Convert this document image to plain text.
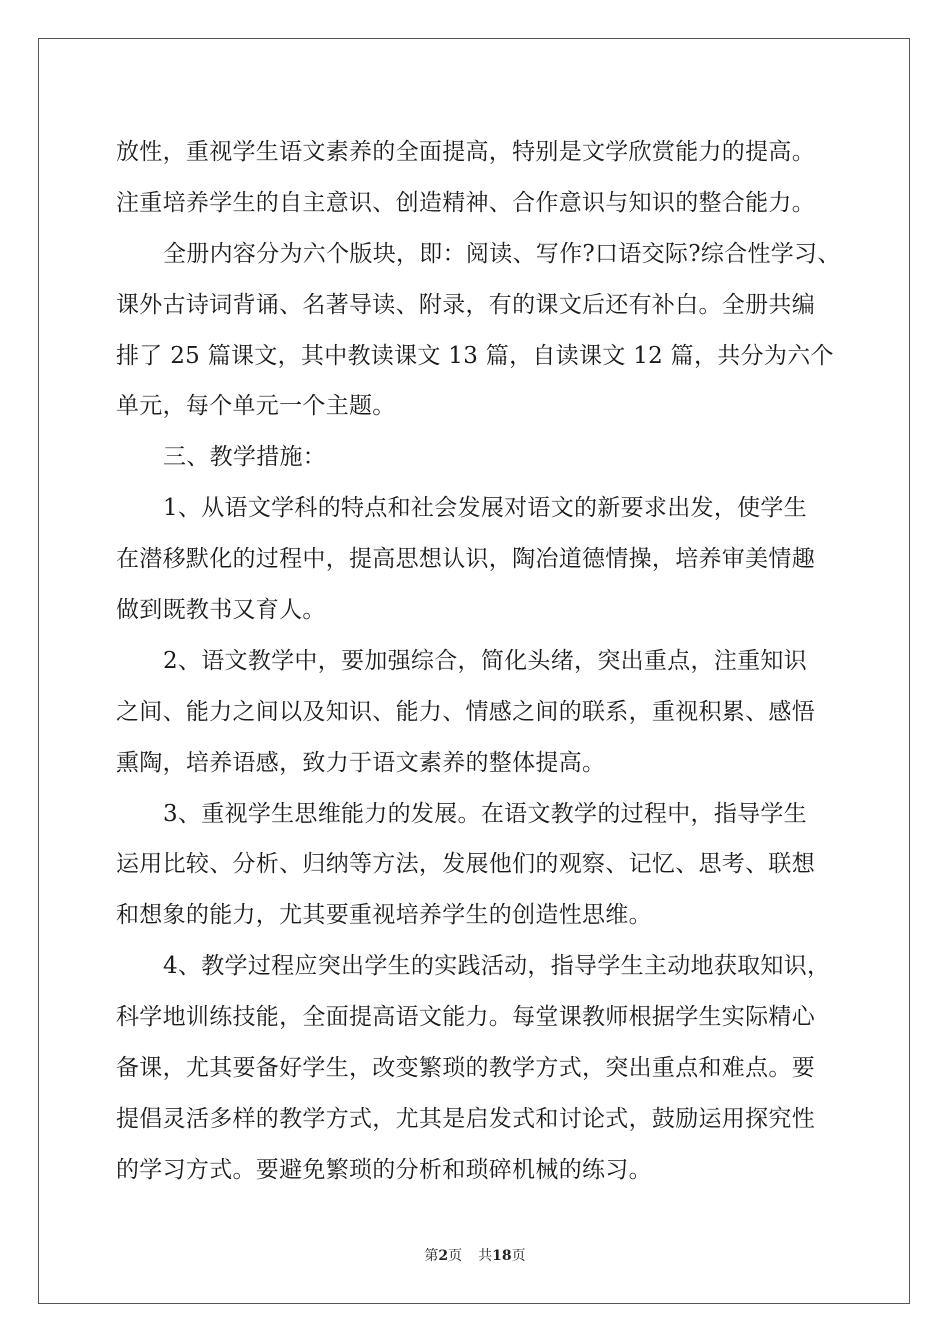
放性，重视学生语文素养的全面提高，特别是文学欣赏能力的提高。
注重培养学生的自主意识、创造精神、合作意识与知识的整合能力。
全册内容分为六个版块，即：阅读、写作?口语交际?综合性学习、
课外古诗词背诵、名著导读、附录，有的课文后还有补白。全册共编
排了 25 篇课文，其中教读课文 13 篇，自读课文 12 篇，共分为六个
单元，每个单元一个主题。
三、教学措施：
1、从语文学科的特点和社会发展对语文的新要求出发，使学生
在潜移默化的过程中，提高思想认识，陶冶道德情操，培养审美情趣
做到既教书又育人。
2、语文教学中，要加强综合，简化头绪，突出重点，注重知识
之间、能力之间以及知识、能力、情感之间的联系，重视积累、感悟
熏陶，培养语感，致力于语文素养的整体提高。
3、重视学生思维能力的发展。在语文教学的过程中，指导学生
运用比较、分析、归纳等方法，发展他们的观察、记忆、思考、联想
和想象的能力，尤其要重视培养学生的创造性思维。
4、教学过程应突出学生的实践活动，指导学生主动地获取知识，
科学地训练技能，全面提高语文能力。每堂课教师根据学生实际精心
备课，尤其要备好学生，改变繁琐的教学方式，突出重点和难点。要
提倡灵活多样的教学方式，尤其是启发式和讨论式，鼓励运用探究性
的学习方式。要避免繁琐的分析和琐碎机械的练习。
第2页 共18页
